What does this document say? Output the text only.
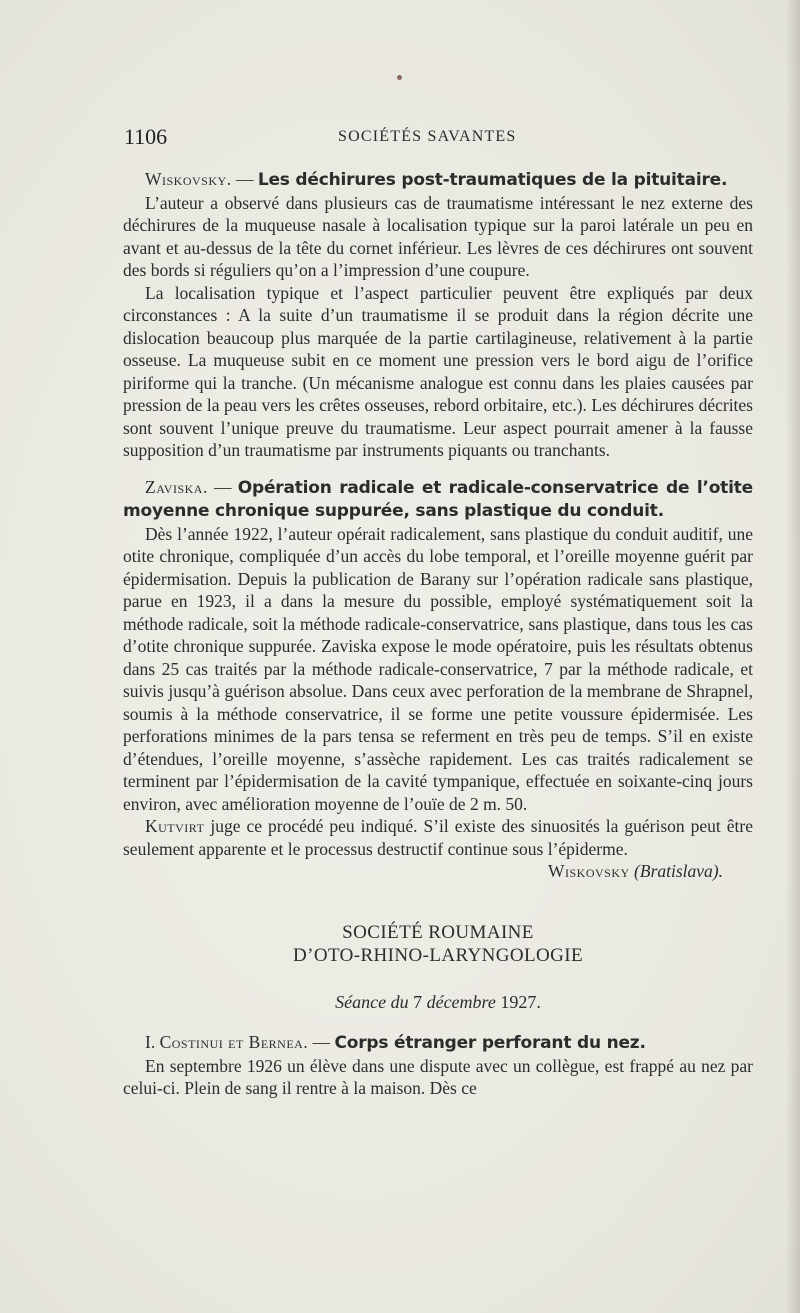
1106	SOCIÉTÉS SAVANTES
Wiskovsky. — Les déchirures post-traumatiques de la pituitaire.

L’auteur a observé dans plusieurs cas de traumatisme intéressant le nez externe des déchirures de la muqueuse nasale à localisation typique sur la paroi latérale un peu en avant et au-dessus de la tête du cornet inférieur. Les lèvres de ces déchirures ont souvent des bords si réguliers qu’on a l’impression d’une coupure.

La localisation typique et l’aspect particulier peuvent être expliqués par deux circonstances : A la suite d’un traumatisme il se produit dans la région décrite une dislocation beaucoup plus marquée de la partie cartilagineuse, relativement à la partie osseuse. La muqueuse subit en ce moment une pression vers le bord aigu de l’orifice piriforme qui la tranche. (Un mécanisme analogue est connu dans les plaies causées par pression de la peau vers les crêtes osseuses, rebord orbitaire, etc.). Les déchirures décrites sont souvent l’unique preuve du traumatisme. Leur aspect pourrait amener à la fausse supposition d’un traumatisme par instruments piquants ou tranchants.

Zaviska. — Opération radicale et radicale-conservatrice de l’otite moyenne chronique suppurée, sans plastique du conduit.

Dès l’année 1922, l’auteur opérait radicalement, sans plastique du conduit auditif, une otite chronique, compliquée d’un accès du lobe temporal, et l’oreille moyenne guérit par épidermisation. Depuis la publication de Barany sur l’opération radicale sans plastique, parue en 1923, il a dans la mesure du possible, employé systématiquement soit la méthode radicale, soit la méthode radicale-conservatrice, sans plastique, dans tous les cas d’otite chronique suppurée. Zaviska expose le mode opératoire, puis les résultats obtenus dans 25 cas traités par la méthode radicale-conservatrice, 7 par la méthode radicale, et suivis jusqu’à guérison absolue. Dans ceux avec perforation de la membrane de Shrapnel, soumis à la méthode conservatrice, il se forme une petite voussure épidermisée. Les perforations minimes de la pars tensa se referment en très peu de temps. S’il en existe d’étendues, l’oreille moyenne, s’assèche rapidement. Les cas traités radicalement se terminent par l’épidermisation de la cavité tympanique, effectuée en soixante-cinq jours environ, avec amélioration moyenne de l’ouïe de 2 m. 50.

Kutvirt juge ce procédé peu indiqué. S’il existe des sinuosités la guérison peut être seulement apparente et le processus destructif continue sous l’épiderme.

Wiskovsky (Bratislava).
SOCIÉTÉ ROUMAINE
D’OTO-RHINO-LARYNGOLOGIE
Séance du 7 décembre 1927.
I. Costinui et Bernea. — Corps étranger perforant du nez.

En septembre 1926 un élève dans une dispute avec un collègue, est frappé au nez par celui-ci. Plein de sang il rentre à la maison. Dès ce
